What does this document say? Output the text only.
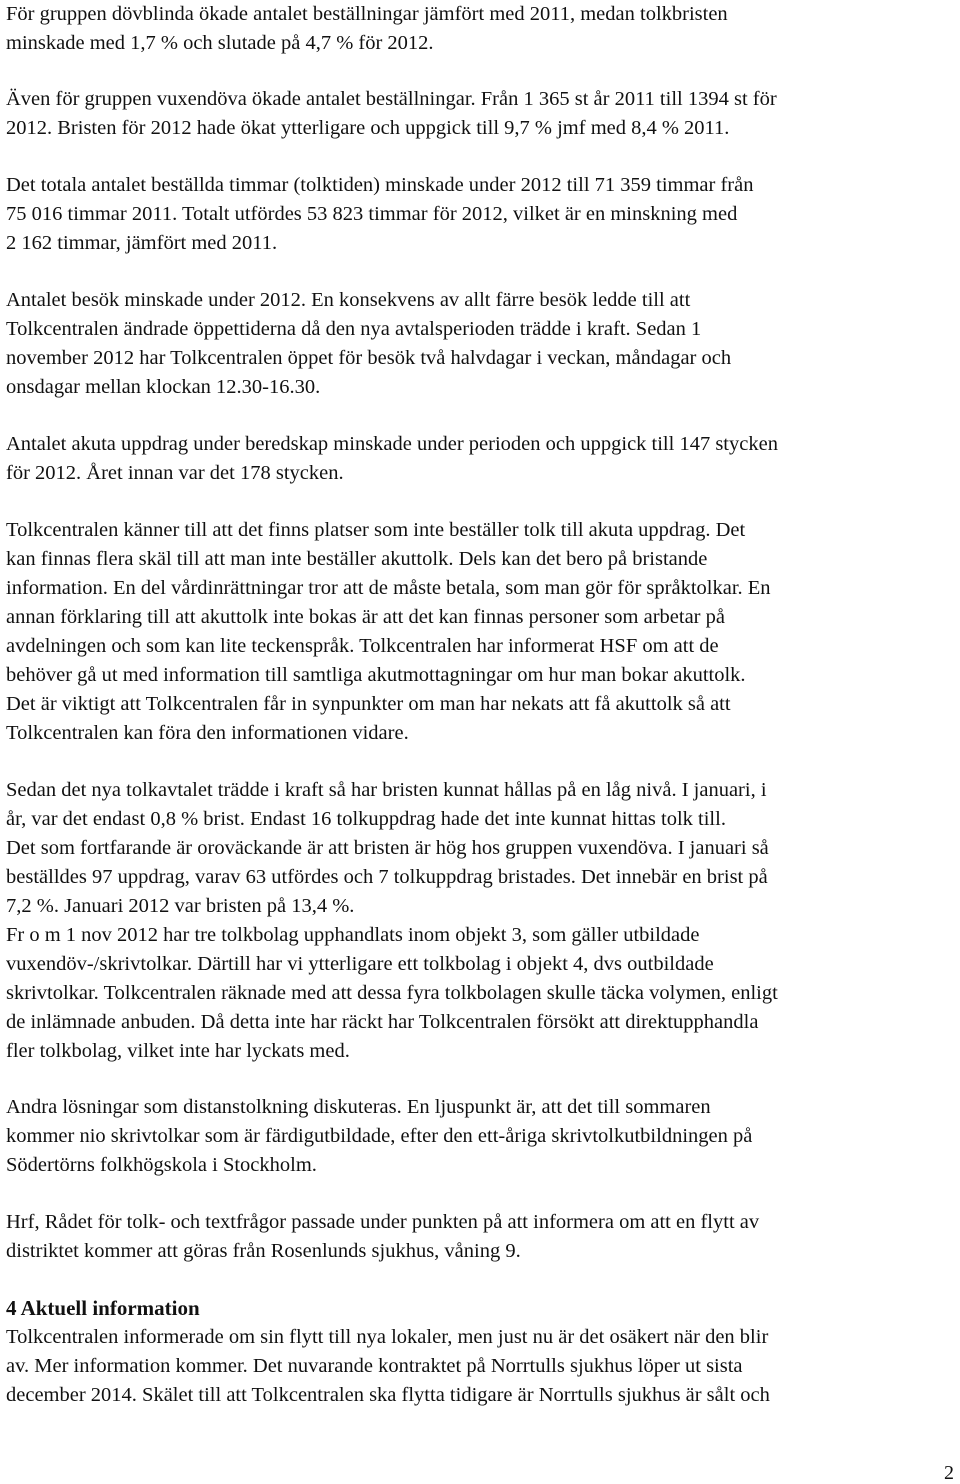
För gruppen dövblinda ökade antalet beställningar jämfört med 2011, medan tolkbristen
minskade med 1,7 % och slutade på 4,7 % för 2012.

Även för gruppen vuxendöva ökade antalet beställningar. Från 1 365 st år 2011 till 1394 st för
2012. Bristen för 2012 hade ökat ytterligare och uppgick till 9,7 % jmf med 8,4 % 2011.

Det totala antalet beställda timmar (tolktiden) minskade under 2012 till 71 359 timmar från
75 016 timmar 2011. Totalt utfördes 53 823 timmar för 2012, vilket är en minskning med
2 162 timmar, jämfört med 2011.

Antalet besök minskade under 2012. En konsekvens av allt färre besök ledde till att
Tolkcentralen ändrade öppettiderna då den nya avtalsperioden trädde i kraft. Sedan 1
november 2012 har Tolkcentralen öppet för besök två halvdagar i veckan, måndagar och
onsdagar mellan klockan 12.30-16.30.

Antalet akuta uppdrag under beredskap minskade under perioden och uppgick till 147 stycken
för 2012. Året innan var det 178 stycken.

Tolkcentralen känner till att det finns platser som inte beställer tolk till akuta uppdrag. Det
kan finnas flera skäl till att man inte beställer akuttolk. Dels kan det bero på bristande
information. En del vårdinrättningar tror att de måste betala, som man gör för språktolkar. En
annan förklaring till att akuttolk inte bokas är att det kan finnas personer som arbetar på
avdelningen och som kan lite teckenspråk. Tolkcentralen har informerat HSF om att de
behöver gå ut med information till samtliga akutmottagningar om hur man bokar akuttolk.
Det är viktigt att Tolkcentralen får in synpunkter om man har nekats att få akuttolk så att
Tolkcentralen kan föra den informationen vidare.

Sedan det nya tolkavtalet trädde i kraft så har bristen kunnat hållas på en låg nivå. I januari, i
år, var det endast 0,8 % brist. Endast 16 tolkuppdrag hade det inte kunnat hittas tolk till.
Det som fortfarande är oroväckande är att bristen är hög hos gruppen vuxendöva. I januari så
beställdes 97 uppdrag, varav 63 utfördes och 7 tolkuppdrag bristades. Det innebär en brist på
7,2 %. Januari 2012 var bristen på 13,4 %.
Fr o m 1 nov 2012 har tre tolkbolag upphandlats inom objekt 3, som gäller utbildade
vuxendöv-/skrivtolkar. Därtill har vi ytterligare ett tolkbolag i objekt 4, dvs outbildade
skrivtolkar. Tolkcentralen räknade med att dessa fyra tolkbolagen skulle täcka volymen, enligt
de inlämnade anbuden. Då detta inte har räckt har Tolkcentralen försökt att direktupphandla
fler tolkbolag, vilket inte har lyckats med.

Andra lösningar som distanstolkning diskuteras. En ljuspunkt är, att det till sommaren
kommer nio skrivtolkar som är färdigutbildade, efter den ett-åriga skrivtolkutbildningen på
Södertörns folkhögskola i Stockholm.

Hrf, Rådet för tolk- och textfrågor passade under punkten på att informera om att en flytt av
distriktet kommer att göras från Rosenlunds sjukhus, våning 9.

4 Aktuell information

Tolkcentralen informerade om sin flytt till nya lokaler, men just nu är det osäkert när den blir
av. Mer information kommer. Det nuvarande kontraktet på Norrtulls sjukhus löper ut sista
december 2014. Skälet till att Tolkcentralen ska flytta tidigare är Norrtulls sjukhus är sålt och

2
